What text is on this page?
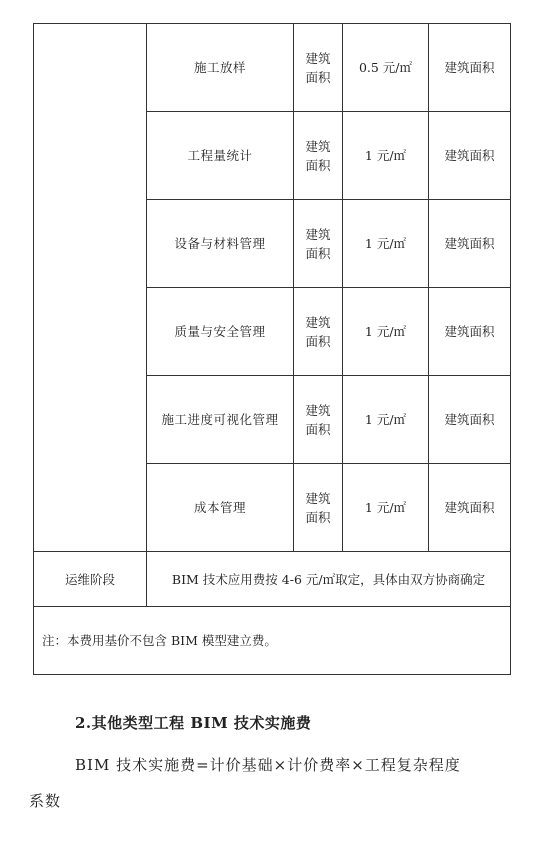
	施工放样	建筑面积	0.5 元/㎡	建筑面积
	工程量统计	建筑面积	1 元/㎡	建筑面积
	设备与材料管理	建筑面积	1 元/㎡	建筑面积
	质量与安全管理	建筑面积	1 元/㎡	建筑面积
	施工进度可视化管理	建筑面积	1 元/㎡	建筑面积
	成本管理	建筑面积	1 元/㎡	建筑面积
运维阶段	BIM 技术应用费按 4-6 元/㎡取定，具体由双方协商确定			
注：本费用基价不包含 BIM 模型建立费。				
2.其他类型工程 BIM 技术实施费
BIM 技术实施费=计价基础×计价费率×工程复杂程度
系数
